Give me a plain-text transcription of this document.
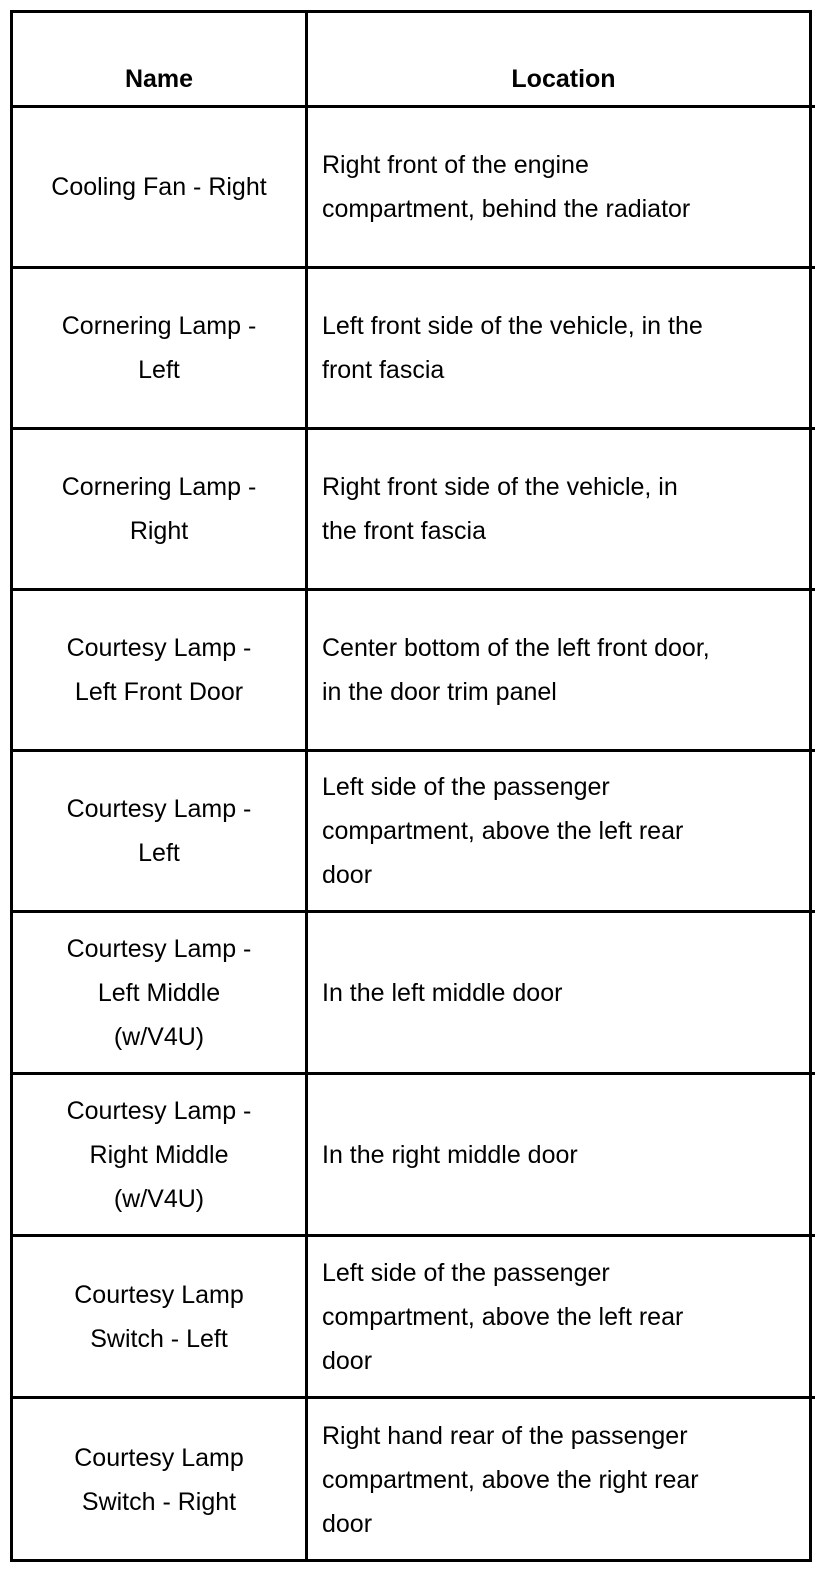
Name	Location
Cooling Fan - Right
Right front of the engine
compartment, behind the radiator
Cornering Lamp -
Left
Left front side of the vehicle, in the
front fascia
Cornering Lamp -
Right
Right front side of the vehicle, in
the front fascia
Courtesy Lamp -
Left Front Door
Center bottom of the left front door,
in the door trim panel
Courtesy Lamp -
Left
Left side of the passenger
compartment, above the left rear
door
Courtesy Lamp -
Left Middle
(w/V4U)
In the left middle door
Courtesy Lamp -
Right Middle
(w/V4U)
In the right middle door
Courtesy Lamp
Switch - Left
Left side of the passenger
compartment, above the left rear
door
Courtesy Lamp
Switch - Right
Right hand rear of the passenger
compartment, above the right rear
door
